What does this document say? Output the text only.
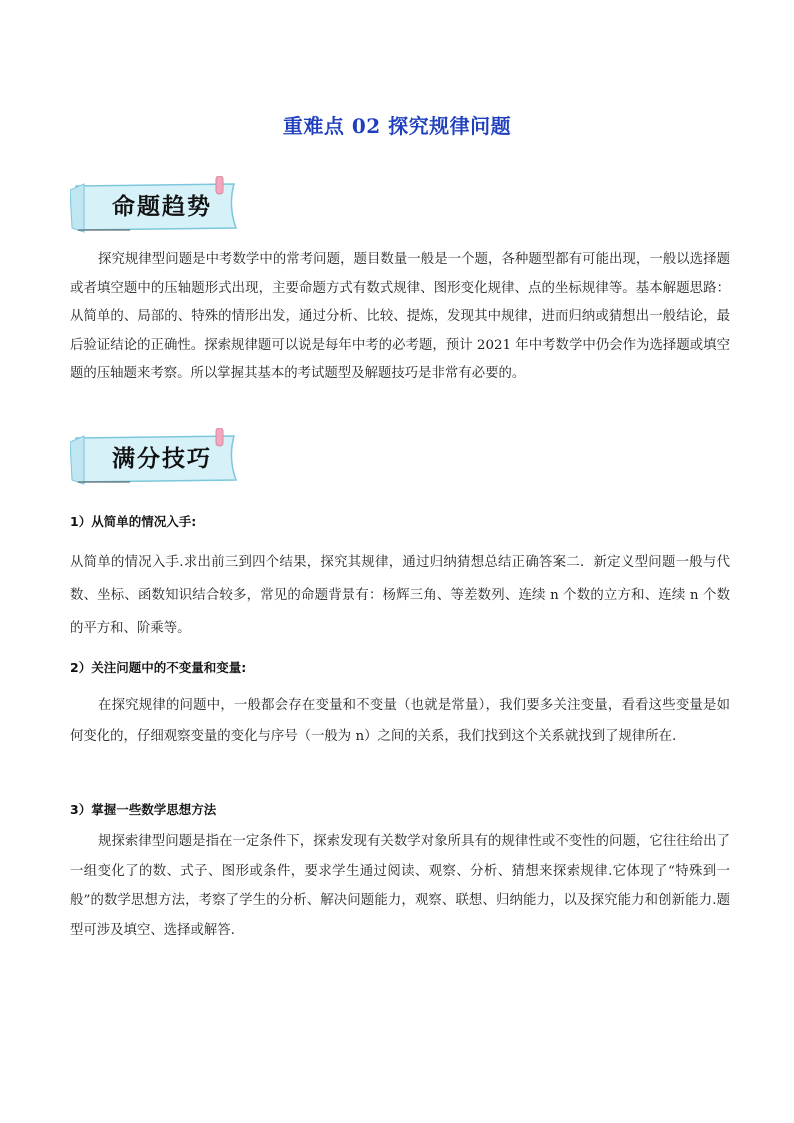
重难点 02 探究规律问题
命题趋势

探究规律型问题是中考数学中的常考问题，题目数量一般是一个题，各种题型都有可能出现，一般以选择题或者填空题中的压轴题形式出现，主要命题方式有数式规律、图形变化规律、点的坐标规律等。基本解题思路：从简单的、局部的、特殊的情形出发，通过分析、比较、提炼，发现其中规律，进而归纳或猜想出一般结论，最后验证结论的正确性。探索规律题可以说是每年中考的必考题，预计 2021 年中考数学中仍会作为选择题或填空题的压轴题来考察。所以掌握其基本的考试题型及解题技巧是非常有必要的。

满分技巧
1）从简单的情况入手:

从简单的情况入手.求出前三到四个结果，探究其规律，通过归纳猜想总结正确答案二．新定义型问题一般与代数、坐标、函数知识结合较多，常见的命题背景有：杨辉三角、等差数列、连续 n 个数的立方和、连续 n 个数的平方和、阶乘等。

2）关注问题中的不变量和变量:

在探究规律的问题中，一般都会存在变量和不变量（也就是常量），我们要多关注变量，看看这些变量是如何变化的，仔细观察变量的变化与序号（一般为 n）之间的关系，我们找到这个关系就找到了规律所在．

3）掌握一些数学思想方法

规探索律型问题是指在一定条件下，探索发现有关数学对象所具有的规律性或不变性的问题，它往往给出了一组变化了的数、式子、图形或条件，要求学生通过阅读、观察、分析、猜想来探索规律.它体现了“特殊到一般”的数学思想方法，考察了学生的分析、解决问题能力，观察、联想、归纳能力，以及探究能力和创新能力.题型可涉及填空、选择或解答.
